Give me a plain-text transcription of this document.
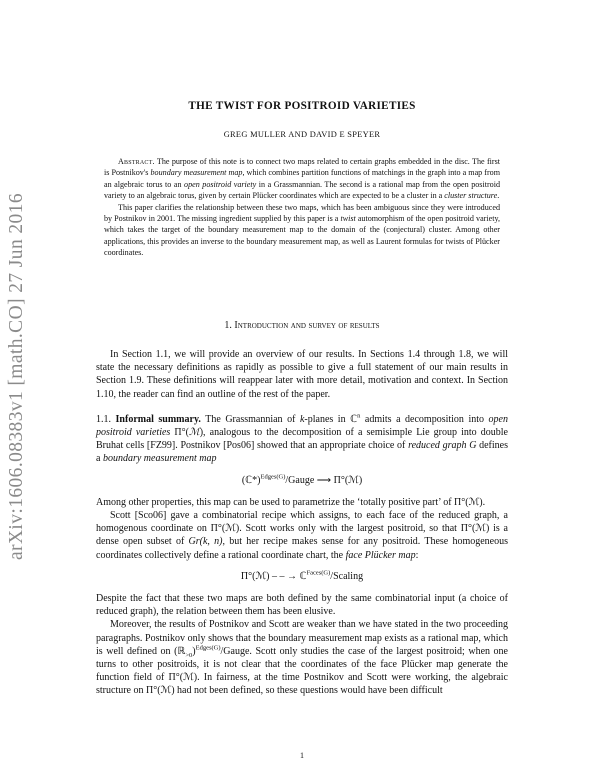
arXiv:1606.08383v1 [math.CO] 27 Jun 2016
THE TWIST FOR POSITROID VARIETIES
GREG MULLER AND DAVID E SPEYER

Abstract. The purpose of this note is to connect two maps related to certain graphs embedded in the disc. The first is Postnikov's boundary measurement map, which combines partition functions of matchings in the graph into a map from an algebraic torus to an open positroid variety in a Grassmannian. The second is a rational map from the open positroid variety to an algebraic torus, given by certain Plücker coordinates which are expected to be a cluster in a cluster structure.

This paper clarifies the relationship between these two maps, which has been ambiguous since they were introduced by Postnikov in 2001. The missing ingredient supplied by this paper is a twist automorphism of the open positroid variety, which takes the target of the boundary measurement map to the domain of the (conjectural) cluster. Among other applications, this provides an inverse to the boundary measurement map, as well as Laurent formulas for twists of Plücker coordinates.

1. Introduction and survey of results

In Section 1.1, we will provide an overview of our results. In Sections 1.4 through 1.8, we will state the necessary definitions as rapidly as possible to give a full statement of our main results in Section 1.9. These definitions will reappear later with more detail, motivation and context. In Section 1.10, the reader can find an outline of the rest of the paper.

1.1. Informal summary. The Grassmannian of k-planes in ℂ$^n$ admits a decomposition into open positroid varieties Π°(ℳ), analogous to the decomposition of a semisimple Lie group into double Bruhat cells [FZ99]. Postnikov [Pos06] showed that an appropriate choice of reduced graph G defines a boundary measurement map

(ℂ*)$^{Edges(G)}$/Gauge ⟶ Π°(ℳ)

Among other properties, this map can be used to parametrize the ‘totally positive part’ of Π°(ℳ).

Scott [Sco06] gave a combinatorial recipe which assigns, to each face of the reduced graph, a homogenous coordinate on Π°(ℳ). Scott works only with the largest positroid, so that Π°(ℳ) is a dense open subset of Gr(k, n), but her recipe makes sense for any positroid. These homogeneous coordinates collectively define a rational coordinate chart, the face Plücker map:

Π°(ℳ) – – → ℂ$^{Faces(G)}$/Scaling

Despite the fact that these two maps are both defined by the same combinatorial input (a choice of reduced graph), the relation between them has been elusive.

Moreover, the results of Postnikov and Scott are weaker than we have stated in the two proceeding paragraphs. Postnikov only shows that the boundary measurement map exists as a rational map, which is well defined on (ℝ$_{>0}$)$^{Edges(G)}$/Gauge. Scott only studies the case of the largest positroid; when one turns to other positroids, it is not clear that the coordinates of the face Plücker map generate the function field of Π°(ℳ). In fairness, at the time Postnikov and Scott were working, the algebraic structure on Π°(ℳ) had not been defined, so these questions would have been difficult

1
